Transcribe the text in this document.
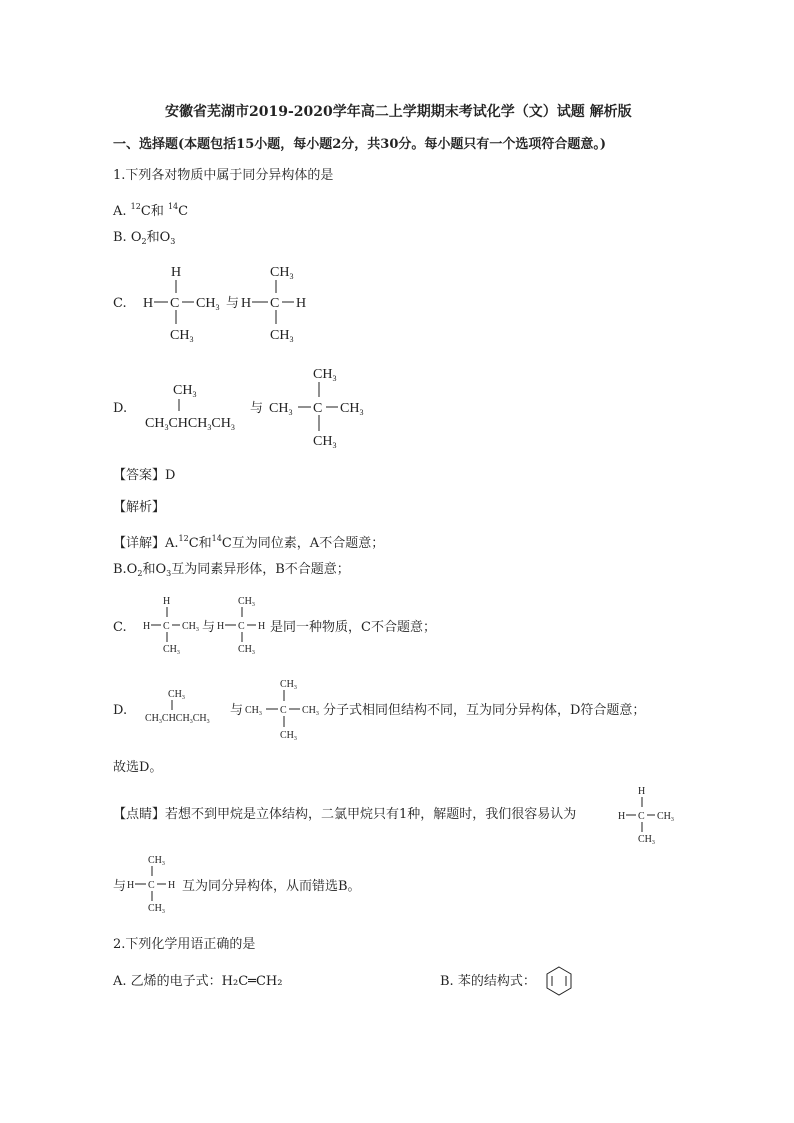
安徽省芜湖市2019-2020学年高二上学期期末考试化学（文）试题 解析版
一、选择题(本题包括15小题，每小题2分，共30分。每小题只有一个选项符合题意。)
1.下列各对物质中属于同分异构体的是
A. $^{12}$C和 $^{14}$C
B. $O_2$和$O_3$
C.
H
H C $CH_3$
$CH_3$
与
$CH_3$
H C H
$CH_3$
D.
$CH_3$
$CH_3CHCH_3CH_3$
与
$CH_3$
$CH_3$ C $CH_3$
$CH_3$
【答案】D
【解析】
【详解】A.$^{12}$C和$^{14}$C互为同位素，A不合题意；
$B.O_2$和$O_3$互为同素异形体，B不合题意；
C.
H
H C $CH_3$
$CH_3$
与
$CH_3$
H C H
$CH_3$
是同一种物质，C不合题意；
D.
$CH_3$
$CH_3CHCH_3CH_3$
与
$CH_3$
$CH_3$ C $CH_3$
$CH_3$
分子式相同但结构不同，互为同分异构体，D符合题意；
故选D。
【点睛】若想不到甲烷是立体结构，二氯甲烷只有1种，解题时，我们很容易认为
H
H C $CH_3$
$CH_3$
与
$CH_3$
H C H
$CH_3$
互为同分异构体，从而错选B。
2.下列化学用语正确的是
A. 乙烯的电子式：H₂C═CH₂	B. 苯的结构式：
